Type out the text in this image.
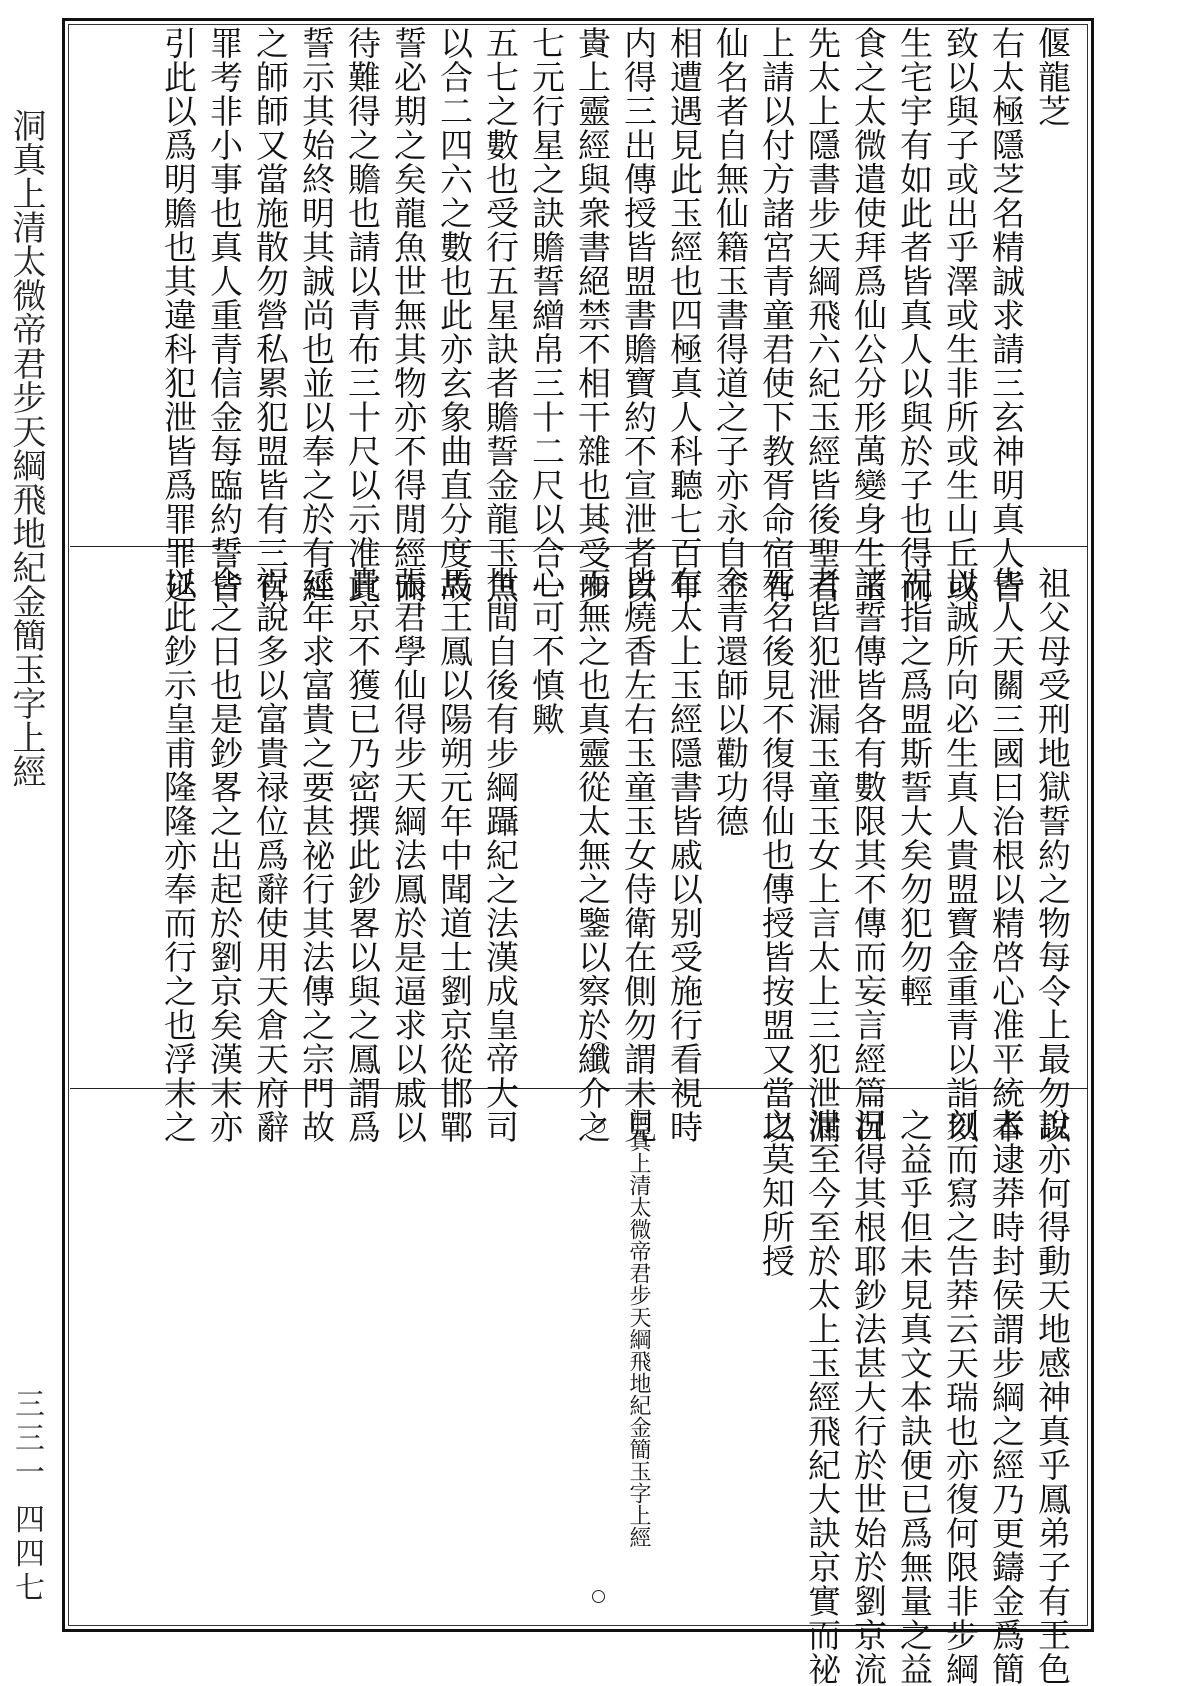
洞真上清太微帝君步天綱飛地紀金簡玉字上經
三三一 四四七
偃龍芝
右太極隱芝名精誠求請三玄神明真人皆
致以與子或出乎澤或生非所或生山丘或
生宅宇有如此者皆真人以與於子也得而
食之太微遣使拜爲仙公分形萬變身生玉
先太上隱書步天綱飛六紀玉經皆後聖君
上請以付方諸宮青童君使下教胥命宿有
仙名者自無仙籍玉書得道之子亦永自不
相遭遇見此玉經也四極真人科聽七百年
内得三出傳授皆盟書贍寶約不宣泄者以
貴上靈經與衆書絕禁不相干雜也其受步
七元行星之訣贍誓繒帛三十二尺以合一
五七之數也受行五星訣者贍誓金龍玉魚
以合二四六之數也此亦玄象曲直分度故
誓必期之矣龍魚世無其物亦不得閒經而
待難得之贍也請以青布三十尺以示准此
誓示其始終明其誠尚也並以奉之於有經
之師師又當施散勿營私累犯盟皆有三官
罪考非小事也真人重青信金每臨約誓皆
引此以爲明贍也其違科犯泄皆爲罪罪延
祖父母受刑地獄誓約之物每令上最勿以
告人天關三國曰治根以精啓心准平統本
以誠所向必生真人貴盟寶金重青以詣以
祝指之爲盟斯誓大矣勿犯勿輕
諸誓傳皆各有數限其不傳而妄言經篇目
者皆犯泄漏玉童玉女上言太上三犯泄漏
死名後見不復得仙也傳授皆按盟又當以
金青還師以勸功德
有太上玉經隱書皆戚以别受施行看視時
皆燒香左右玉童玉女侍衛在側勿謂未見
而無之也真靈從太無之鑒以察於纖介之
心可不慎歟
世間自後有步綱躡紀之法漢成皇帝大司
馬王鳳以陽朔元年中聞道士劉京從邯鄲
張君學仙得步天綱法鳳於是逼求以戚以
貴京不獲已乃密撰此鈔畧以與之鳳謂爲
延年求富貴之要甚祕行其法傳之宗門故
祝說多以富貴禄位爲辭使用天倉天府辭
合之日也是鈔畧之出起於劉京矣漢末亦
以此鈔示皇甫隆隆亦奉而行之也浮末之
說亦何得動天地感神真乎鳳弟子有王色
者逮莽時封侯謂步綱之經乃更鑄金爲簡
刻而寫之告莽云天瑞也亦復何限非步綱
之益乎但未見真文本訣便已爲無量之益
況得其根耶鈔法甚大行於世始於劉京流
泄至今至於太上玉經飛紀大訣京實而祕
之莫知所授
洞真上清太微帝君步天綱飛地紀金簡玉字上經
